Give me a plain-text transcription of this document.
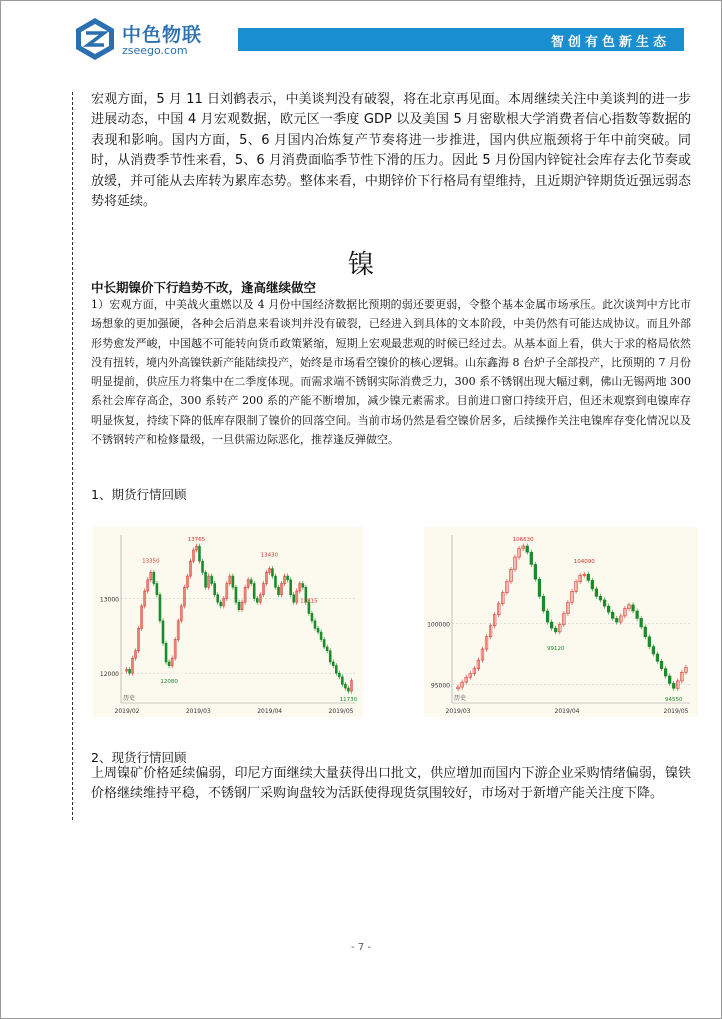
中色物联
zseego.com
智创有色新生态
宏观方面，5 月 11 日刘鹤表示，中美谈判没有破裂，将在北京再见面。本周继续关注中美谈判的进一步进展动态，中国 4 月宏观数据，欧元区一季度 GDP 以及美国 5 月密歇根大学消费者信心指数等数据的表现和影响。国内方面，5、6 月国内冶炼复产节奏将进一步推进，国内供应瓶颈将于年中前突破。同时，从消费季节性来看，5、6 月消费面临季节性下滑的压力。因此 5 月份国内锌锭社会库存去化节奏或放缓，并可能从去库转为累库态势。整体来看，中期锌价下行格局有望维持，且近期沪锌期货近强远弱态势将延续。
镍
中长期镍价下行趋势不改，逢高继续做空
1）宏观方面，中美战火重燃以及 4 月份中国经济数据比预期的弱还要更弱，令整个基本金属市场承压。此次谈判中方比市场想象的更加强硬，各种会后消息来看谈判并没有破裂，已经进入到具体的文本阶段，中美仍然有可能达成协议。而且外部形势愈发严峻，中国越不可能转向货币政策紧缩，短期上宏观最悲观的时候已经过去。从基本面上看，供大于求的格局依然没有扭转，境内外高镍铁新产能陆续投产，始终是市场看空镍价的核心逻辑。山东鑫海 8 台炉子全部投产，比预期的 7 月份明显提前，供应压力将集中在二季度体现。而需求端不锈钢实际消费乏力，300 系不锈钢出现大幅过剩，佛山无锡两地 300 系社会库存高企，300 系转产 200 系的产能不断增加，减少镍元素需求。目前进口窗口持续开启，但还未观察到电镍库存明显恢复，持续下降的低库存限制了镍价的回落空间。当前市场仍然是看空镍价居多，后续操作关注电镍库存变化情况以及不锈钢转产和检修量级，一旦供需边际恶化，推荐逢反弹做空。
1、期货行情回顾
12000
13000
2019/02	2019/03	2019/04	2019/05
历史
13350
13765
12815
13430
12080
11730
95000
100000
2019/03	2019/04	2019/05
历史
106630
104090
99120
94550
2、现货行情回顾
上周镍矿价格延续偏弱，印尼方面继续大量获得出口批文，供应增加而国内下游企业采购情绪偏弱，镍铁价格继续维持平稳，不锈钢厂采购询盘较为活跃使得现货氛围较好，市场对于新增产能关注度下降。
- 7 -
